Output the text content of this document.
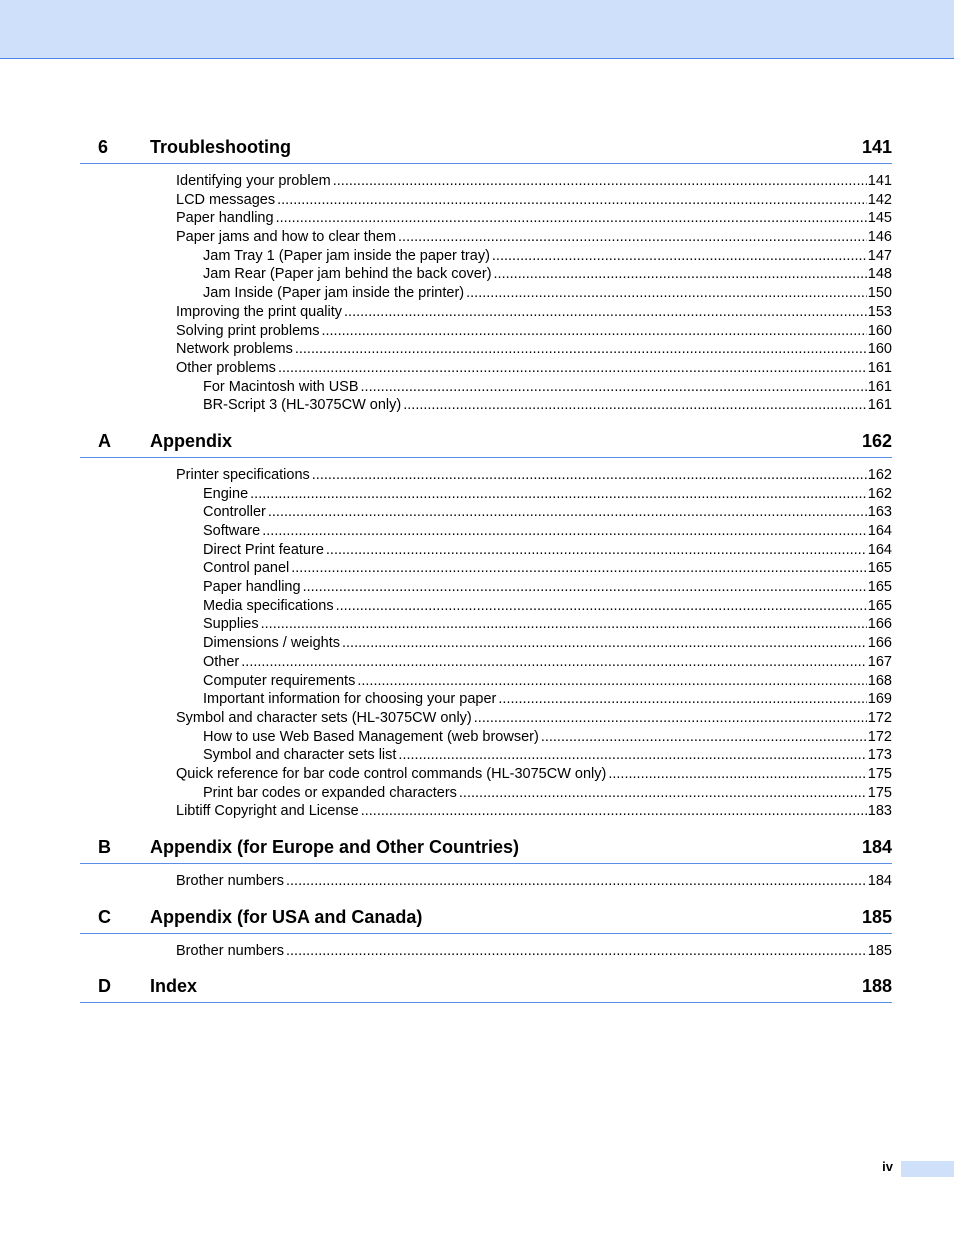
6 Troubleshooting	141
Identifying your problem .....	141
LCD messages .....	142
Paper handling .....	145
Paper jams and how to clear them .....	146
Jam Tray 1 (Paper jam inside the paper tray) .....	147
Jam Rear (Paper jam behind the back cover) .....	148
Jam Inside (Paper jam inside the printer) .....	150
Improving the print quality .....	153
Solving print problems .....	160
Network problems .....	160
Other problems .....	161
For Macintosh with USB .....	161
BR-Script 3 (HL-3075CW only) .....	161
A Appendix	162
Printer specifications .....	162
Engine .....	162
Controller .....	163
Software .....	164
Direct Print feature .....	164
Control panel .....	165
Paper handling .....	165
Media specifications .....	165
Supplies .....	166
Dimensions / weights .....	166
Other .....	167
Computer requirements .....	168
Important information for choosing your paper .....	169
Symbol and character sets (HL-3075CW only) .....	172
How to use Web Based Management (web browser) .....	172
Symbol and character sets list .....	173
Quick reference for bar code control commands (HL-3075CW only) .....	175
Print bar codes or expanded characters .....	175
Libtiff Copyright and License .....	183
B Appendix (for Europe and Other Countries)	184
Brother numbers .....	184
C Appendix (for USA and Canada)	185
Brother numbers .....	185
D Index	188
iv
